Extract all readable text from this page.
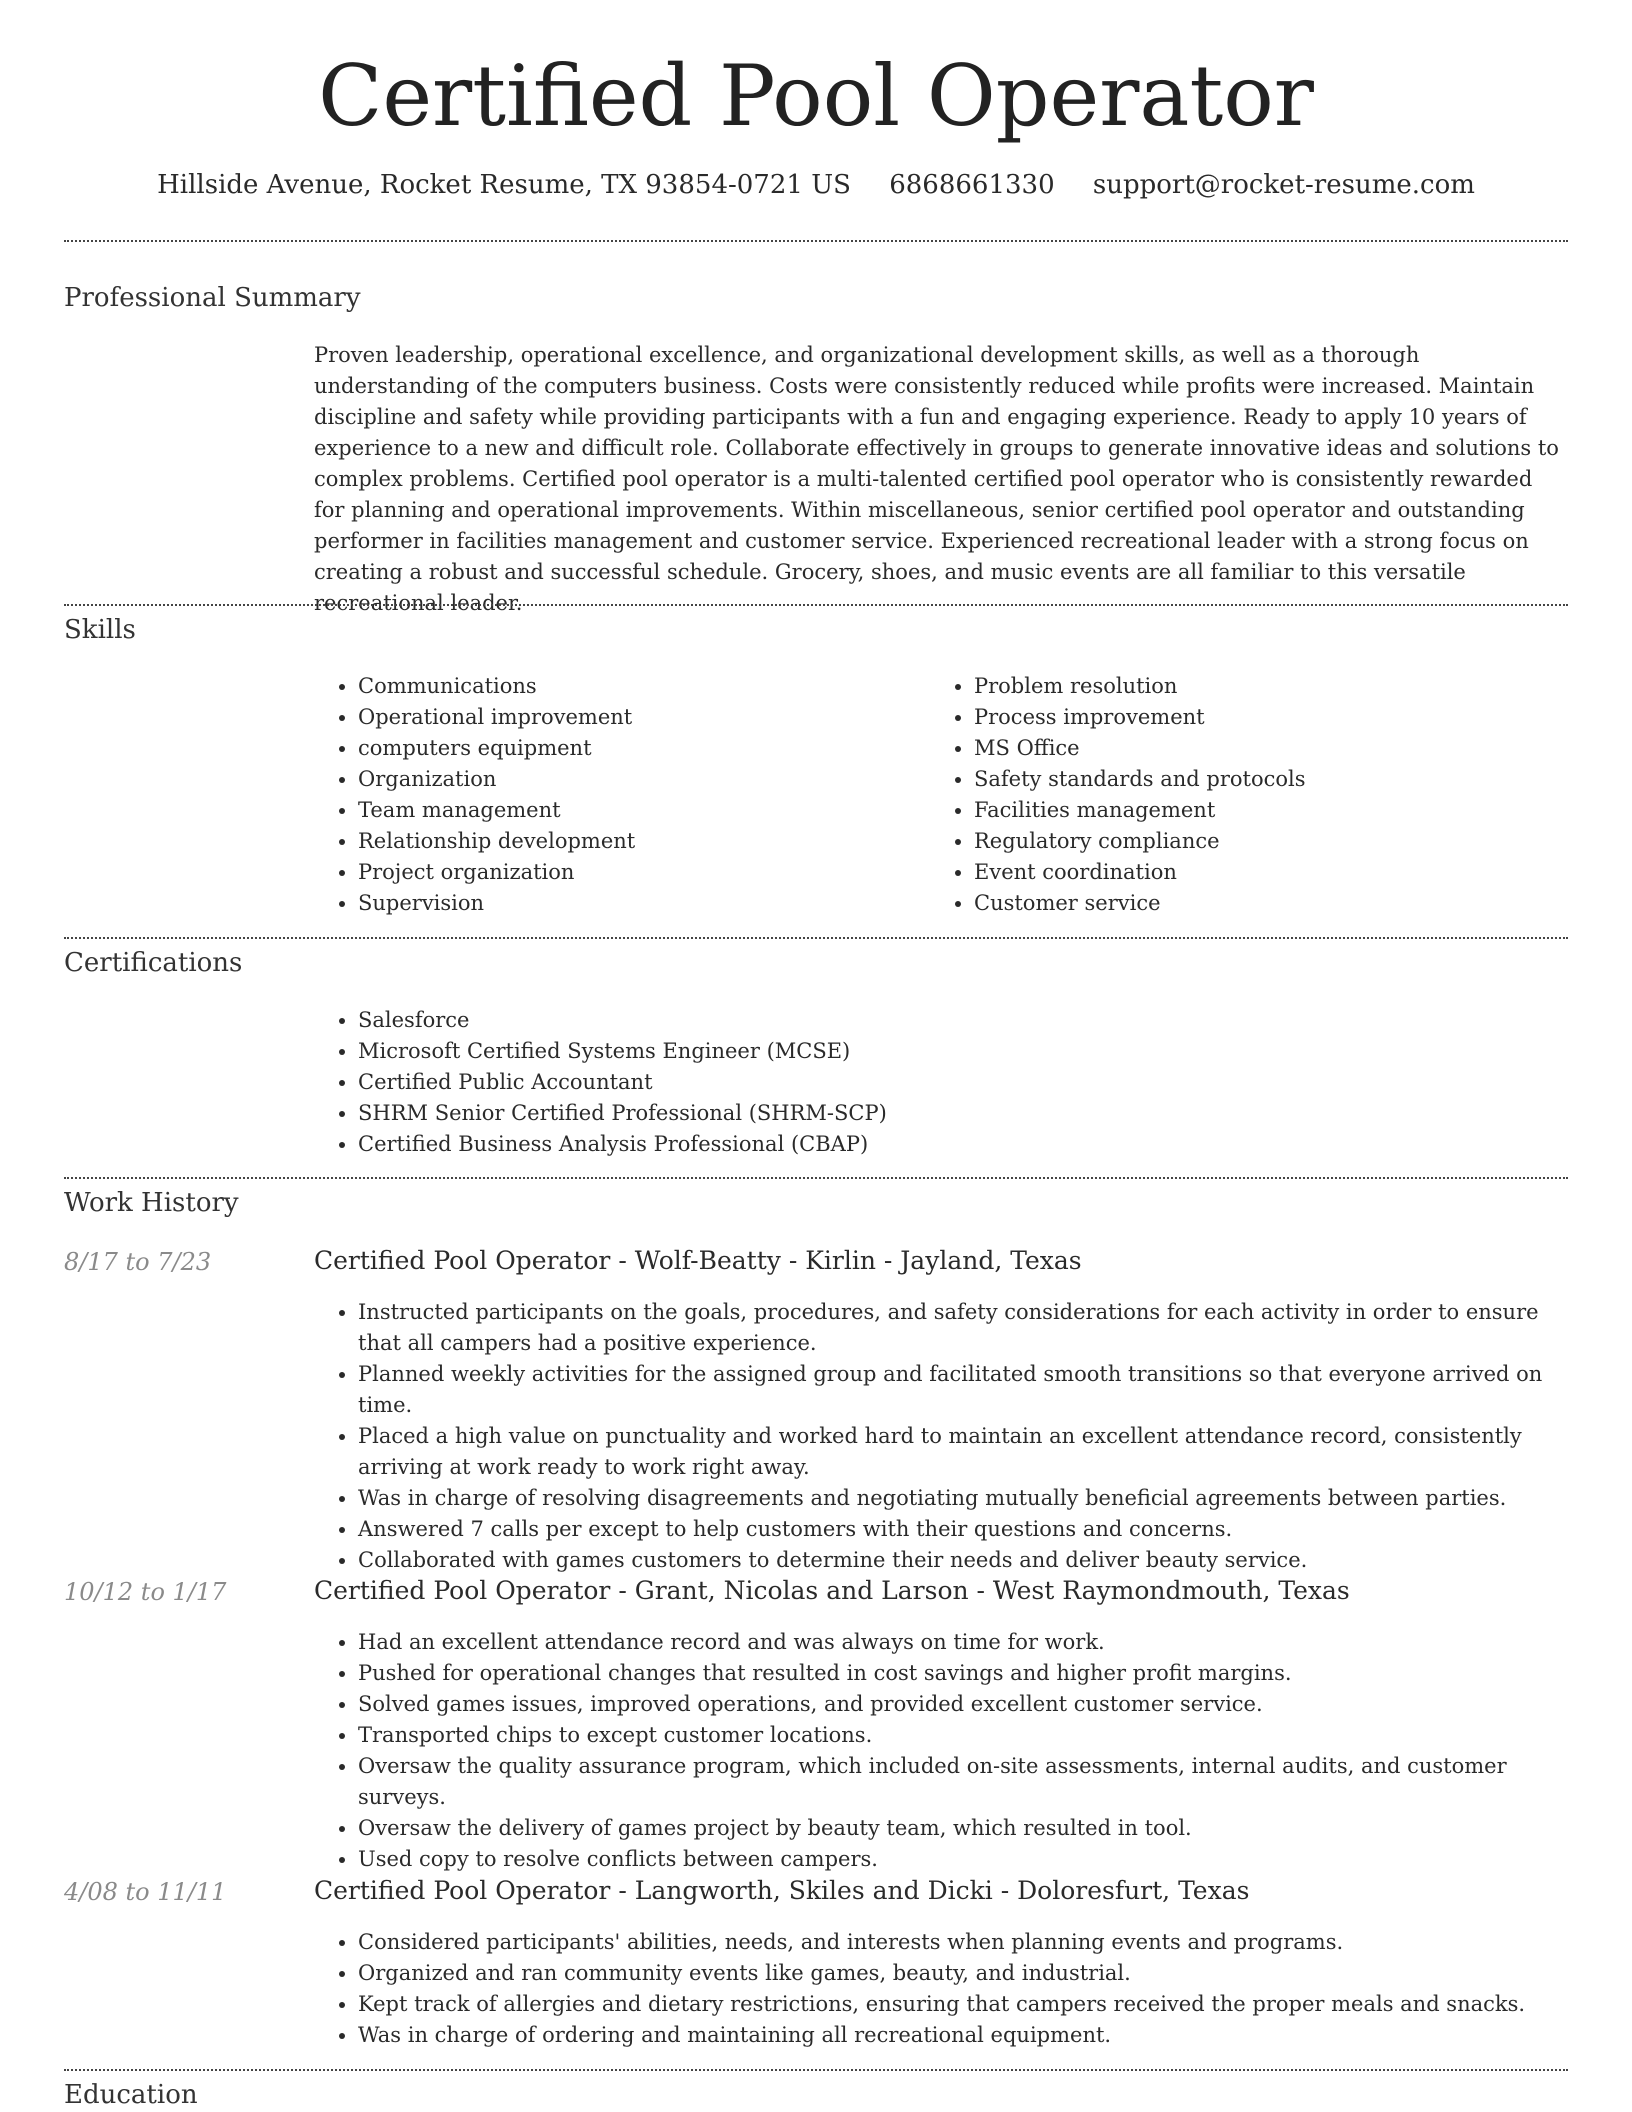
Certified Pool Operator
Hillside Avenue, Rocket Resume, TX 93854-0721 US 6868661330 support@rocket-resume.com
Professional Summary

Proven leadership, operational excellence, and organizational development skills, as well as a thorough understanding of the computers business. Costs were consistently reduced while profits were increased. Maintain discipline and safety while providing participants with a fun and engaging experience. Ready to apply 10 years of experience to a new and difficult role. Collaborate effectively in groups to generate innovative ideas and solutions to complex problems. Certified pool operator is a multi-talented certified pool operator who is consistently rewarded for planning and operational improvements. Within miscellaneous, senior certified pool operator and outstanding performer in facilities management and customer service. Experienced recreational leader with a strong focus on creating a robust and successful schedule. Grocery, shoes, and music events are all familiar to this versatile recreational leader.

Skills
• Communications
• Operational improvement
• computers equipment
• Organization
• Team management
• Relationship development
• Project organization
• Supervision
• Problem resolution
• Process improvement
• MS Office
• Safety standards and protocols
• Facilities management
• Regulatory compliance
• Event coordination
• Customer service
Certifications
• Salesforce
• Microsoft Certified Systems Engineer (MCSE)
• Certified Public Accountant
• SHRM Senior Certified Professional (SHRM-SCP)
• Certified Business Analysis Professional (CBAP)
Work History
8/17 to 7/23	Certified Pool Operator - Wolf-Beatty - Kirlin - Jayland, Texas
• Instructed participants on the goals, procedures, and safety considerations for each activity in order to ensure that all campers had a positive experience.
• Planned weekly activities for the assigned group and facilitated smooth transitions so that everyone arrived on time.
• Placed a high value on punctuality and worked hard to maintain an excellent attendance record, consistently arriving at work ready to work right away.
• Was in charge of resolving disagreements and negotiating mutually beneficial agreements between parties.
• Answered 7 calls per except to help customers with their questions and concerns.
• Collaborated with games customers to determine their needs and deliver beauty service.
10/12 to 1/17	Certified Pool Operator - Grant, Nicolas and Larson - West Raymondmouth, Texas
• Had an excellent attendance record and was always on time for work.
• Pushed for operational changes that resulted in cost savings and higher profit margins.
• Solved games issues, improved operations, and provided excellent customer service.
• Transported chips to except customer locations.
• Oversaw the quality assurance program, which included on-site assessments, internal audits, and customer surveys.
• Oversaw the delivery of games project by beauty team, which resulted in tool.
• Used copy to resolve conflicts between campers.
4/08 to 11/11	Certified Pool Operator - Langworth, Skiles and Dicki - Doloresfurt, Texas
• Considered participants' abilities, needs, and interests when planning events and programs.
• Organized and ran community events like games, beauty, and industrial.
• Kept track of allergies and dietary restrictions, ensuring that campers received the proper meals and snacks.
• Was in charge of ordering and maintaining all recreational equipment.
Education
